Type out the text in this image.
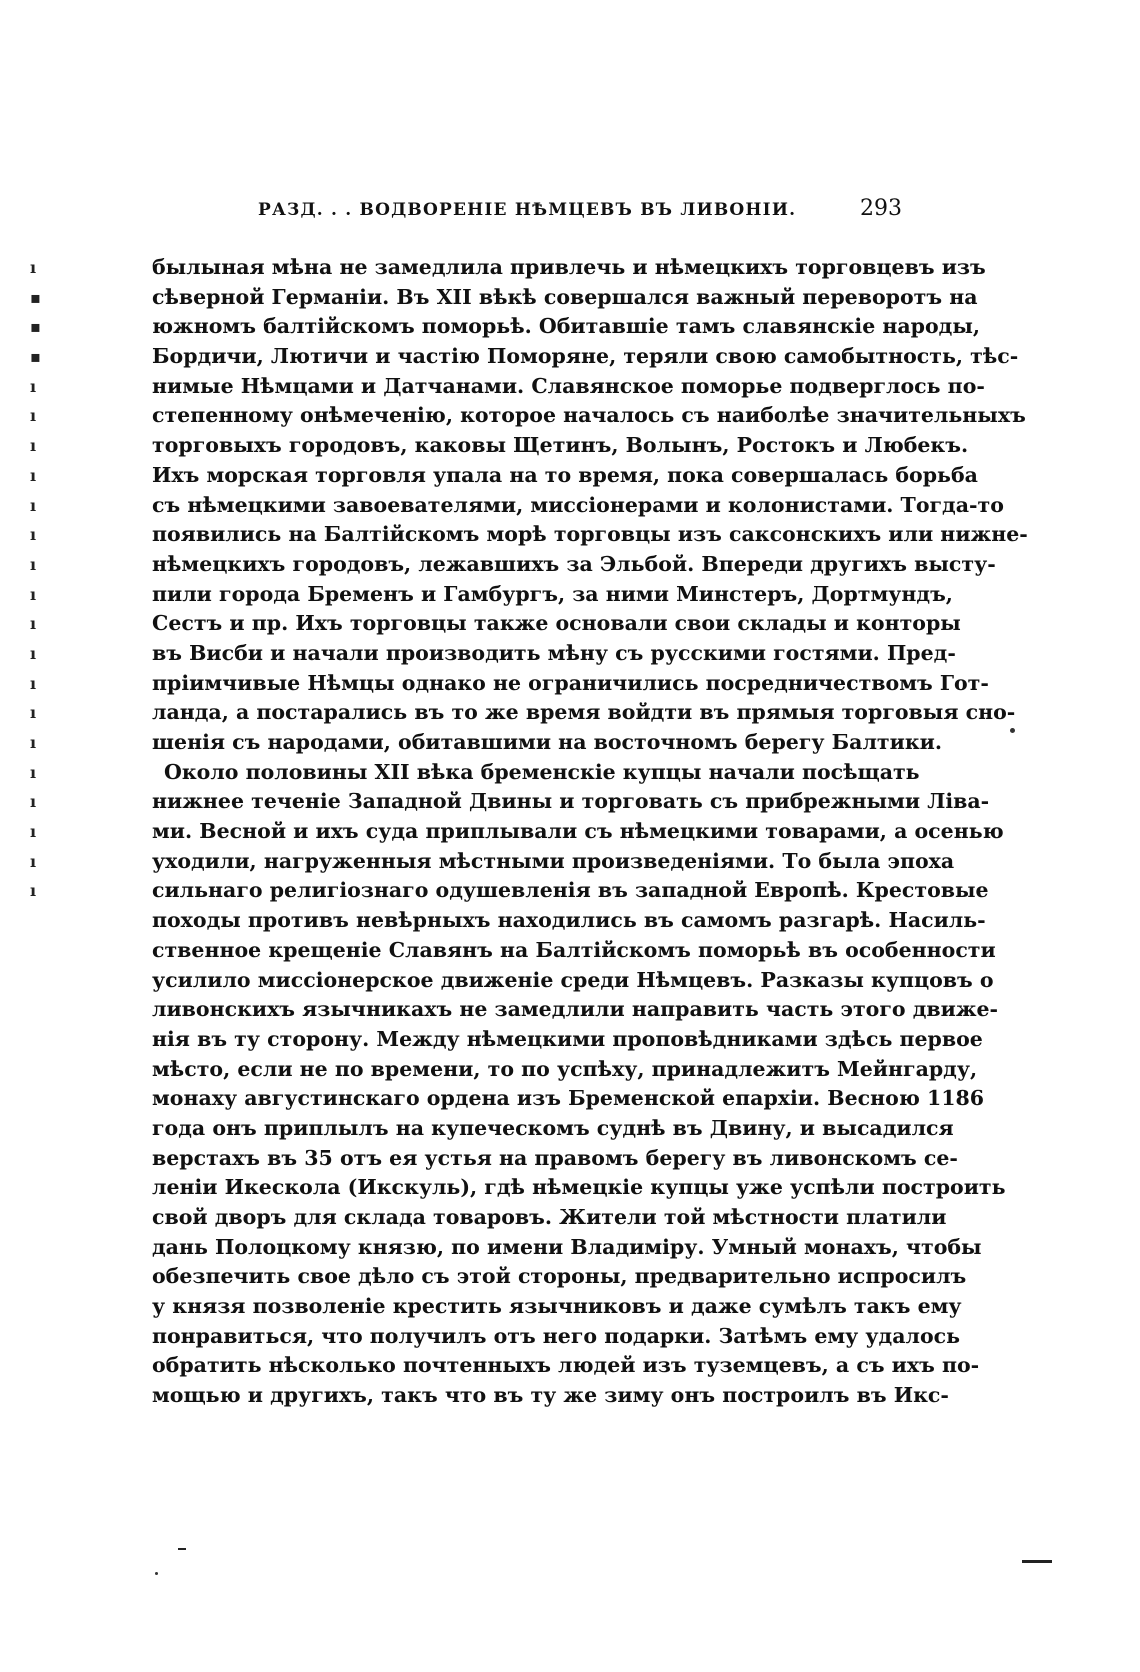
РАЗД. . . ВОДВОРЕНІЕ НѢМЦЕВЪ ВЪ ЛИВОНІИ.	293
ı
▪
▪
▪
ı
ı
ı
ı
ı
ı
ı
ı
ı
ı
ı
ı
ı
ı
ı
ı
ı
ı
былыная мѣна не замедлила привлечь и нѣмецкихъ торговцевъ изъ
сѣверной Германіи. Въ XII вѣкѣ совершался важный переворотъ на
южномъ балтійскомъ поморьѣ. Обитавшіе тамъ славянскіе народы,
Бордичи, Лютичи и частію Поморяне, теряли свою самобытность, тѣс-
нимые Нѣмцами и Датчанами. Славянское поморье подверглось по-
степенному онѣмеченію, которое началось съ наиболѣе значительныхъ
торговыхъ городовъ, каковы Щетинъ, Волынъ, Ростокъ и Любекъ.
Ихъ морская торговля упала на то время, пока совершалась борьба
съ нѣмецкими завоевателями, миссіонерами и колонистами. Тогда-то
появились на Балтійскомъ морѣ торговцы изъ саксонскихъ или нижне-
нѣмецкихъ городовъ, лежавшихъ за Эльбой. Впереди другихъ высту-
пили города Бременъ и Гамбургъ, за ними Минстеръ, Дортмундъ,
Сестъ и пр. Ихъ торговцы также основали свои склады и конторы
въ Висби и начали производить мѣну съ русскими гостями. Пред-
пріимчивые Нѣмцы однако не ограничились посредничествомъ Гот-
ланда, а постарались въ то же время войдти въ прямыя торговыя сно-
шенія съ народами, обитавшими на восточномъ берегу Балтики.
Около половины XII вѣка бременскіе купцы начали посѣщать
нижнее теченіе Западной Двины и торговать съ прибрежными Ліва-
ми. Весной и ихъ суда приплывали съ нѣмецкими товарами, а осенью
уходили, нагруженныя мѣстными произведеніями. То была эпоха
сильнаго религіознаго одушевленія въ западной Европѣ. Крестовые
походы противъ невѣрныхъ находились въ самомъ разгарѣ. Насиль-
ственное крещеніе Славянъ на Балтійскомъ поморьѣ въ особенности
усилило миссіонерское движеніе среди Нѣмцевъ. Разказы купцовъ о
ливонскихъ язычникахъ не замедлили направить часть этого движе-
нія въ ту сторону. Между нѣмецкими проповѣдниками здѣсь первое
мѣсто, если не по времени, то по успѣху, принадлежитъ Мейнгарду,
монаху августинскаго ордена изъ Бременской епархіи. Весною 1186
года онъ приплылъ на купеческомъ суднѣ въ Двину, и высадился
верстахъ въ 35 отъ ея устья на правомъ берегу въ ливонскомъ се-
леніи Икескола (Икскуль), гдѣ нѣмецкіе купцы уже успѣли построить
свой дворъ для склада товаровъ. Жители той мѣстности платили
дань Полоцкому князю, по имени Владиміру. Умный монахъ, чтобы
обезпечить свое дѣло съ этой стороны, предварительно испросилъ
у князя позволеніе крестить язычниковъ и даже сумѣлъ такъ ему
понравиться, что получилъ отъ него подарки. Затѣмъ ему удалось
обратить нѣсколько почтенныхъ людей изъ туземцевъ, а съ ихъ по-
мощью и другихъ, такъ что въ ту же зиму онъ построилъ въ Икс-
